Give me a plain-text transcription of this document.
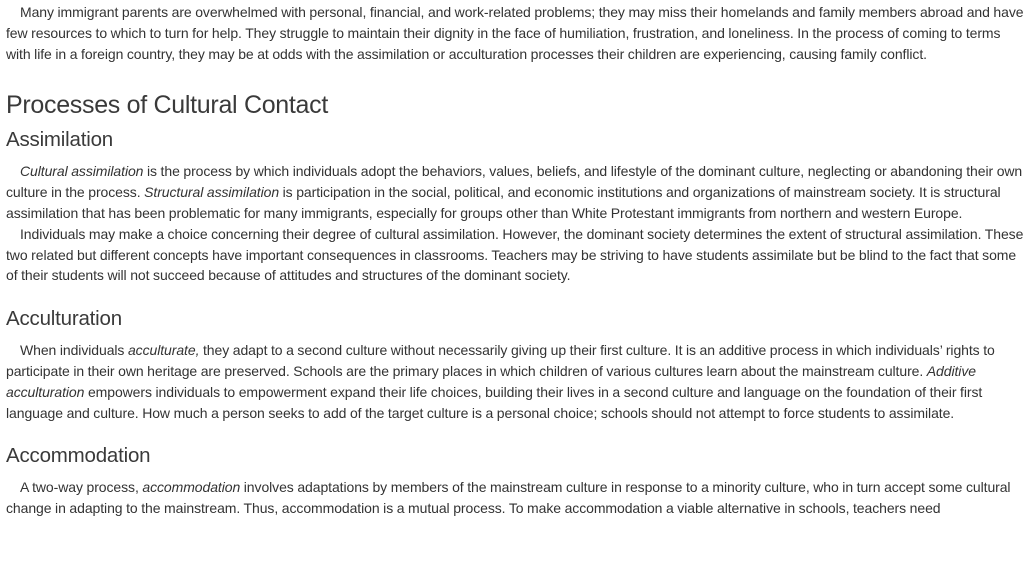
Many immigrant parents are overwhelmed with personal, financial, and work-related problems; they may miss their homelands and family members abroad and have few resources to which to turn for help. They struggle to maintain their dignity in the face of humiliation, frustration, and loneliness. In the process of coming to terms with life in a foreign country, they may be at odds with the assimilation or acculturation processes their children are experiencing, causing family conflict.

Processes of Cultural Contact
Assimilation

Cultural assimilation is the process by which individuals adopt the behaviors, values, beliefs, and lifestyle of the dominant culture, neglecting or abandoning their own culture in the process. Structural assimilation is participation in the social, political, and economic institutions and organizations of mainstream society. It is structural assimilation that has been problematic for many immigrants, especially for groups other than White Protestant immigrants from northern and western Europe.

Individuals may make a choice concerning their degree of cultural assimilation. However, the dominant society determines the extent of structural assimilation. These two related but different concepts have important consequences in classrooms. Teachers may be striving to have students assimilate but be blind to the fact that some of their students will not succeed because of attitudes and structures of the dominant society.

Acculturation

When individuals acculturate, they adapt to a second culture without necessarily giving up their first culture. It is an additive process in which individuals’ rights to participate in their own heritage are preserved. Schools are the primary places in which children of various cultures learn about the mainstream culture. Additive acculturation empowers individuals to empowerment expand their life choices, building their lives in a second culture and language on the foundation of their first language and culture. How much a person seeks to add of the target culture is a personal choice; schools should not attempt to force students to assimilate.

Accommodation

A two-way process, accommodation involves adaptations by members of the mainstream culture in response to a minority culture, who in turn accept some cultural change in adapting to the mainstream. Thus, accommodation is a mutual process. To make accommodation a viable alternative in schools, teachers need
